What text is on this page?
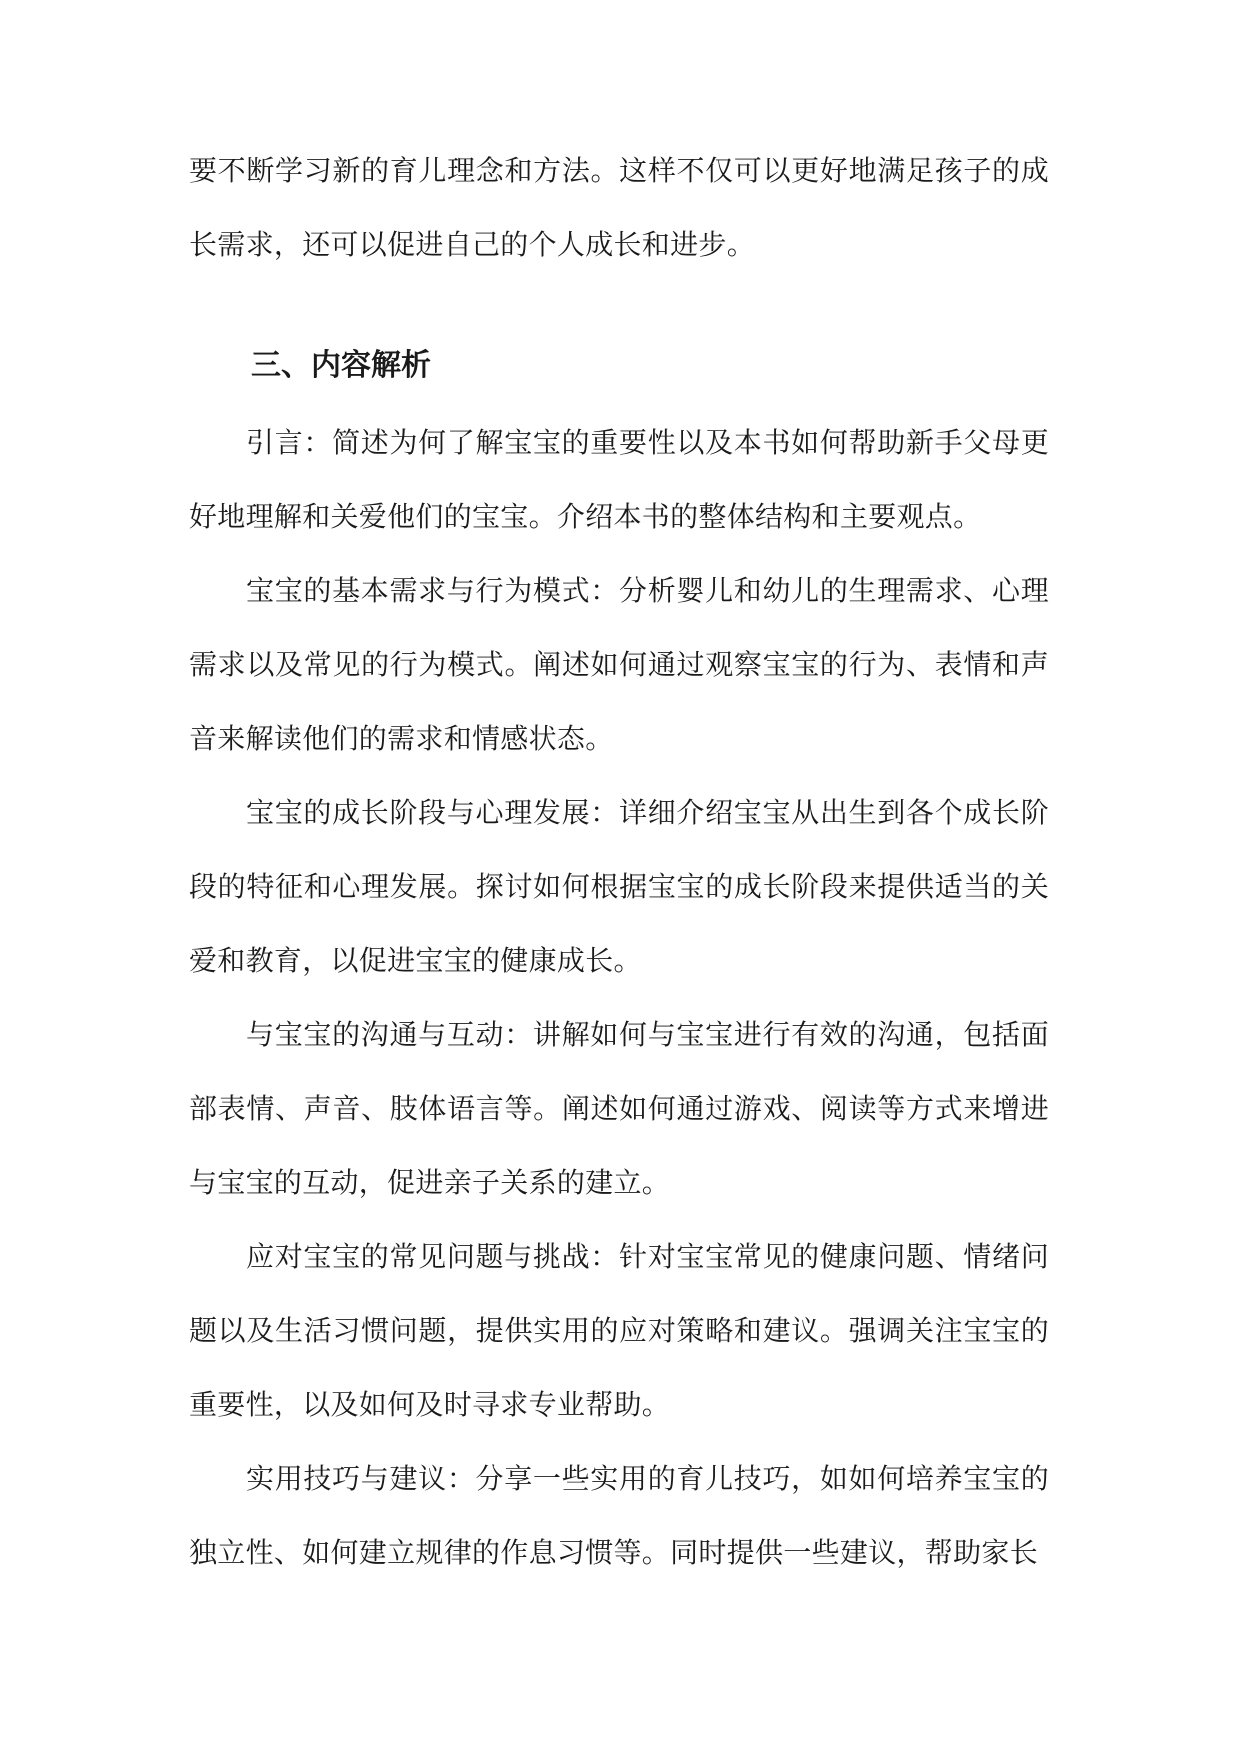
要不断学习新的育儿理念和方法。这样不仅可以更好地满足孩子的成长需求，还可以促进自己的个人成长和进步。

三、内容解析

引言：简述为何了解宝宝的重要性以及本书如何帮助新手父母更好地理解和关爱他们的宝宝。介绍本书的整体结构和主要观点。

宝宝的基本需求与行为模式：分析婴儿和幼儿的生理需求、心理需求以及常见的行为模式。阐述如何通过观察宝宝的行为、表情和声音来解读他们的需求和情感状态。

宝宝的成长阶段与心理发展：详细介绍宝宝从出生到各个成长阶段的特征和心理发展。探讨如何根据宝宝的成长阶段来提供适当的关爱和教育，以促进宝宝的健康成长。

与宝宝的沟通与互动：讲解如何与宝宝进行有效的沟通，包括面部表情、声音、肢体语言等。阐述如何通过游戏、阅读等方式来增进与宝宝的互动，促进亲子关系的建立。

应对宝宝的常见问题与挑战：针对宝宝常见的健康问题、情绪问题以及生活习惯问题，提供实用的应对策略和建议。强调关注宝宝的重要性，以及如何及时寻求专业帮助。

实用技巧与建议：分享一些实用的育儿技巧，如如何培养宝宝的独立性、如何建立规律的作息习惯等。同时提供一些建议，帮助家长
